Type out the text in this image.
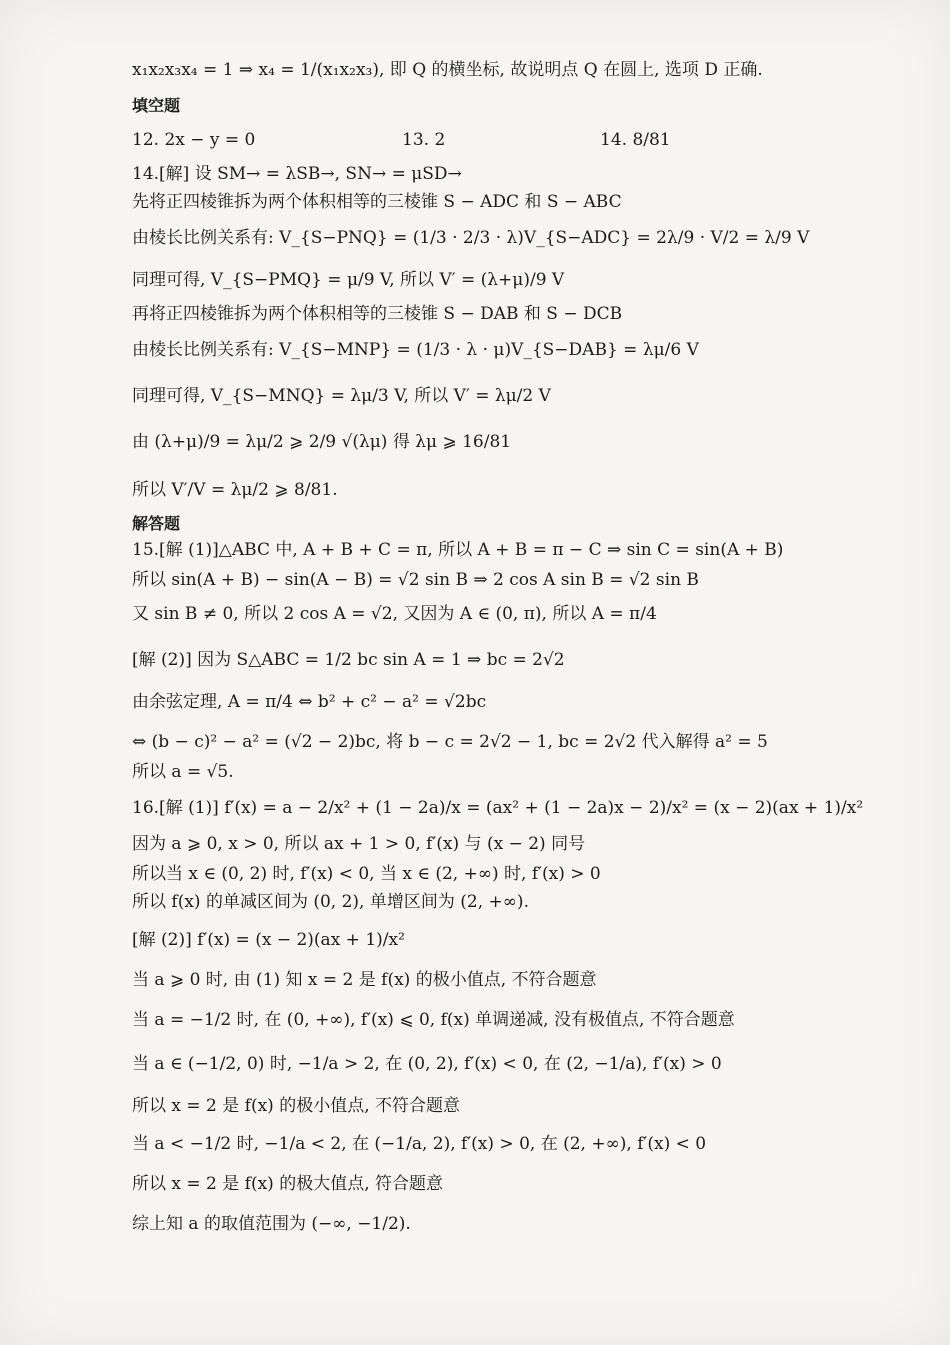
x₁x₂x₃x₄ = 1 ⇒ x₄ = 1/(x₁x₂x₃), 即 Q 的横坐标, 故说明点 Q 在圆上, 选项 D 正确.
填空题
12. 2x − y = 0	13. 2	14. 8/81
14.[解] 设 SM→ = λSB→, SN→ = μSD→
先将正四棱锥拆为两个体积相等的三棱锥 S − ADC 和 S − ABC
由棱长比例关系有: V_{S−PNQ} = (1/3 · 2/3 · λ)V_{S−ADC} = 2λ/9 · V/2 = λ/9 V
同理可得, V_{S−PMQ} = μ/9 V, 所以 V′ = (λ+μ)/9 V
再将正四棱锥拆为两个体积相等的三棱锥 S − DAB 和 S − DCB
由棱长比例关系有: V_{S−MNP} = (1/3 · λ · μ)V_{S−DAB} = λμ/6 V
同理可得, V_{S−MNQ} = λμ/3 V, 所以 V′ = λμ/2 V
由 (λ+μ)/9 = λμ/2 ⩾ 2/9 √(λμ) 得 λμ ⩾ 16/81
所以 V′/V = λμ/2 ⩾ 8/81.
解答题
15.[解 (1)]△ABC 中, A + B + C = π, 所以 A + B = π − C ⇒ sin C = sin(A + B)
所以 sin(A + B) − sin(A − B) = √2 sin B ⇒ 2 cos A sin B = √2 sin B
又 sin B ≠ 0, 所以 2 cos A = √2, 又因为 A ∈ (0, π), 所以 A = π/4
[解 (2)] 因为 S△ABC = 1/2 bc sin A = 1 ⇒ bc = 2√2
由余弦定理, A = π/4 ⇔ b² + c² − a² = √2bc
⇔ (b − c)² − a² = (√2 − 2)bc, 将 b − c = 2√2 − 1, bc = 2√2 代入解得 a² = 5
所以 a = √5.
16.[解 (1)] f′(x) = a − 2/x² + (1 − 2a)/x = (ax² + (1 − 2a)x − 2)/x² = (x − 2)(ax + 1)/x²
因为 a ⩾ 0, x > 0, 所以 ax + 1 > 0, f′(x) 与 (x − 2) 同号
所以当 x ∈ (0, 2) 时, f′(x) < 0, 当 x ∈ (2, +∞) 时, f′(x) > 0
所以 f(x) 的单减区间为 (0, 2), 单增区间为 (2, +∞).
[解 (2)] f′(x) = (x − 2)(ax + 1)/x²
当 a ⩾ 0 时, 由 (1) 知 x = 2 是 f(x) 的极小值点, 不符合题意
当 a = −1/2 时, 在 (0, +∞), f′(x) ⩽ 0, f(x) 单调递减, 没有极值点, 不符合题意
当 a ∈ (−1/2, 0) 时, −1/a > 2, 在 (0, 2), f′(x) < 0, 在 (2, −1/a), f′(x) > 0
所以 x = 2 是 f(x) 的极小值点, 不符合题意
当 a < −1/2 时, −1/a < 2, 在 (−1/a, 2), f′(x) > 0, 在 (2, +∞), f′(x) < 0
所以 x = 2 是 f(x) 的极大值点, 符合题意
综上知 a 的取值范围为 (−∞, −1/2).
